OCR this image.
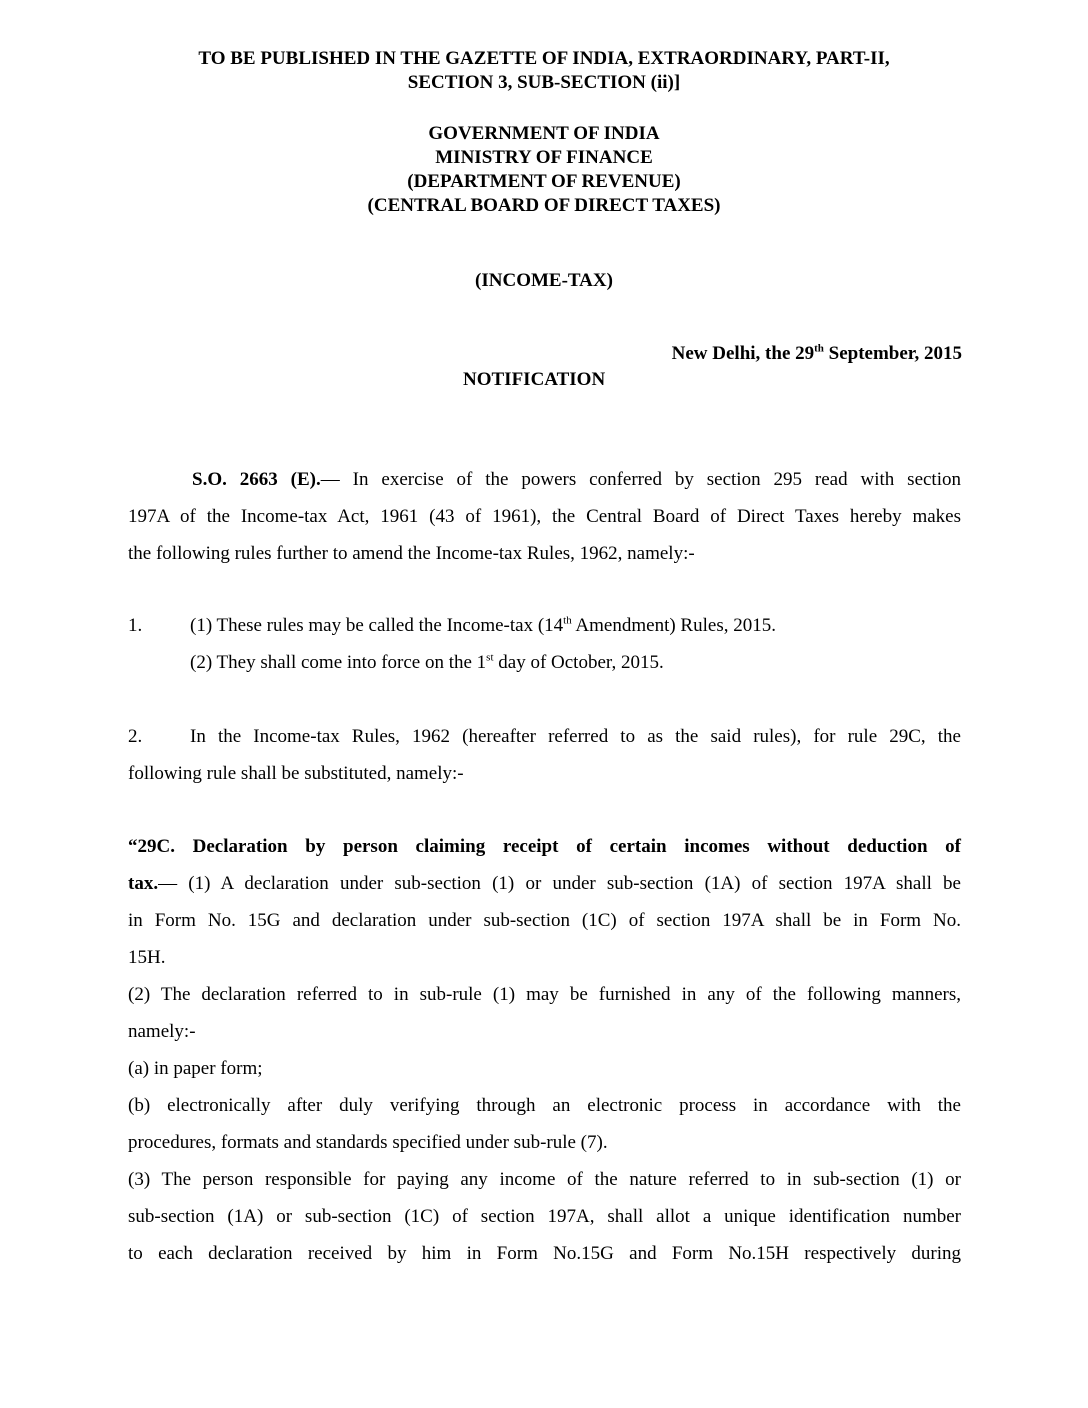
TO BE PUBLISHED IN THE GAZETTE OF INDIA, EXTRAORDINARY, PART-II,
SECTION 3, SUB-SECTION (ii)]
GOVERNMENT OF INDIA
MINISTRY OF FINANCE
(DEPARTMENT OF REVENUE)
(CENTRAL BOARD OF DIRECT TAXES)
(INCOME-TAX)
New Delhi, the 29th September, 2015
NOTIFICATION
S.O. 2663 (E).— In exercise of the powers conferred by section 295 read with section
197A of the Income-tax Act, 1961 (43 of 1961), the Central Board of Direct Taxes hereby makes
the following rules further to amend the Income-tax Rules, 1962, namely:-
1.	(1) These rules may be called the Income-tax (14th Amendment) Rules, 2015.
(2) They shall come into force on the 1st day of October, 2015.
2.	In the Income-tax Rules, 1962 (hereafter referred to as the said rules), for rule 29C, the
following rule shall be substituted, namely:-
“29C. Declaration by person claiming receipt of certain incomes without deduction of
tax.— (1) A declaration under sub-section (1) or under sub-section (1A) of section 197A shall be
in Form No. 15G and declaration under sub-section (1C) of section 197A shall be in Form No.
15H.
(2) The declaration referred to in sub-rule (1) may be furnished in any of the following manners,
namely:-
(a) in paper form;
(b) electronically after duly verifying through an electronic process in accordance with the
procedures, formats and standards specified under sub-rule (7).
(3) The person responsible for paying any income of the nature referred to in sub-section (1) or
sub-section (1A) or sub-section (1C) of section 197A, shall allot a unique identification number
to each declaration received by him in Form No.15G and Form No.15H respectively during
